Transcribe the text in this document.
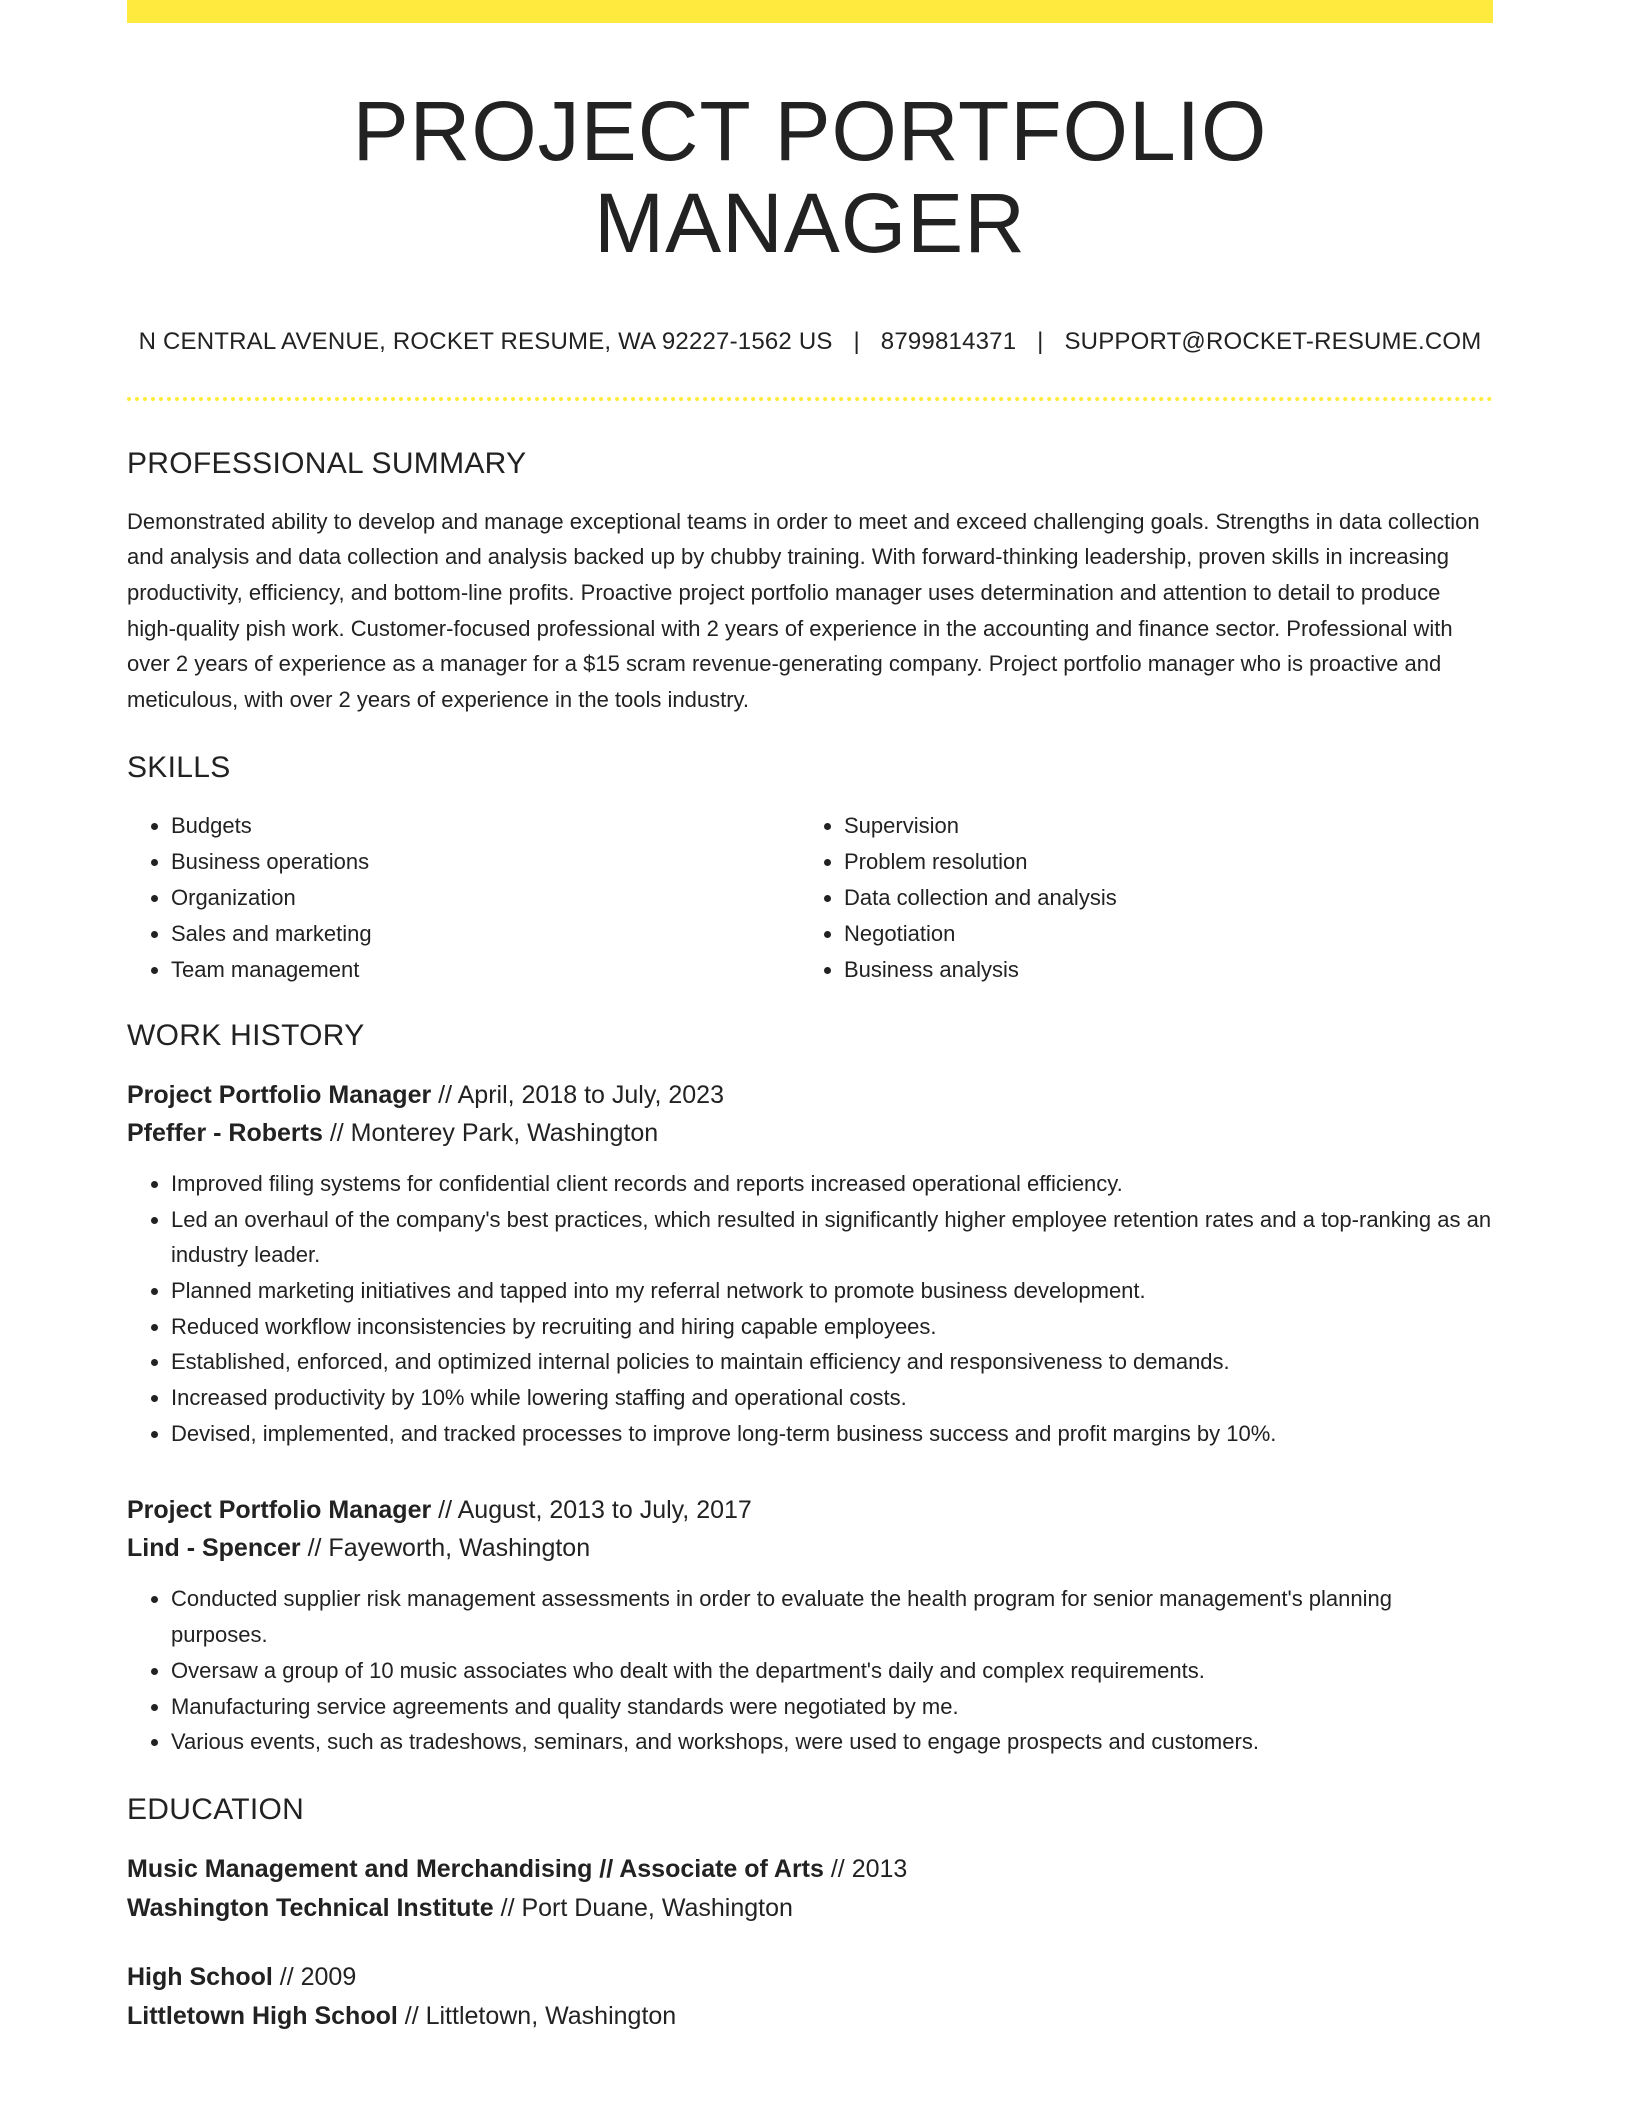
PROJECT PORTFOLIO MANAGER
N CENTRAL AVENUE, ROCKET RESUME, WA 92227-1562 US | 8799814371 | SUPPORT@ROCKET-RESUME.COM
PROFESSIONAL SUMMARY

Demonstrated ability to develop and manage exceptional teams in order to meet and exceed challenging goals. Strengths in data collection and analysis and data collection and analysis backed up by chubby training. With forward-thinking leadership, proven skills in increasing productivity, efficiency, and bottom-line profits. Proactive project portfolio manager uses determination and attention to detail to produce high-quality pish work. Customer-focused professional with 2 years of experience in the accounting and finance sector. Professional with over 2 years of experience as a manager for a $15 scram revenue-generating company. Project portfolio manager who is proactive and meticulous, with over 2 years of experience in the tools industry.

SKILLS
• Budgets
• Business operations
• Organization
• Sales and marketing
• Team management
• Supervision
• Problem resolution
• Data collection and analysis
• Negotiation
• Business analysis
WORK HISTORY
Project Portfolio Manager // April, 2018 to July, 2023
Pfeffer - Roberts // Monterey Park, Washington
• Improved filing systems for confidential client records and reports increased operational efficiency.
• Led an overhaul of the company's best practices, which resulted in significantly higher employee retention rates and a top-ranking as an industry leader.
• Planned marketing initiatives and tapped into my referral network to promote business development.
• Reduced workflow inconsistencies by recruiting and hiring capable employees.
• Established, enforced, and optimized internal policies to maintain efficiency and responsiveness to demands.
• Increased productivity by 10% while lowering staffing and operational costs.
• Devised, implemented, and tracked processes to improve long-term business success and profit margins by 10%.
Project Portfolio Manager // August, 2013 to July, 2017
Lind - Spencer // Fayeworth, Washington
• Conducted supplier risk management assessments in order to evaluate the health program for senior management's planning purposes.
• Oversaw a group of 10 music associates who dealt with the department's daily and complex requirements.
• Manufacturing service agreements and quality standards were negotiated by me.
• Various events, such as tradeshows, seminars, and workshops, were used to engage prospects and customers.
EDUCATION
Music Management and Merchandising // Associate of Arts // 2013
Washington Technical Institute // Port Duane, Washington
High School // 2009
Littletown High School // Littletown, Washington
